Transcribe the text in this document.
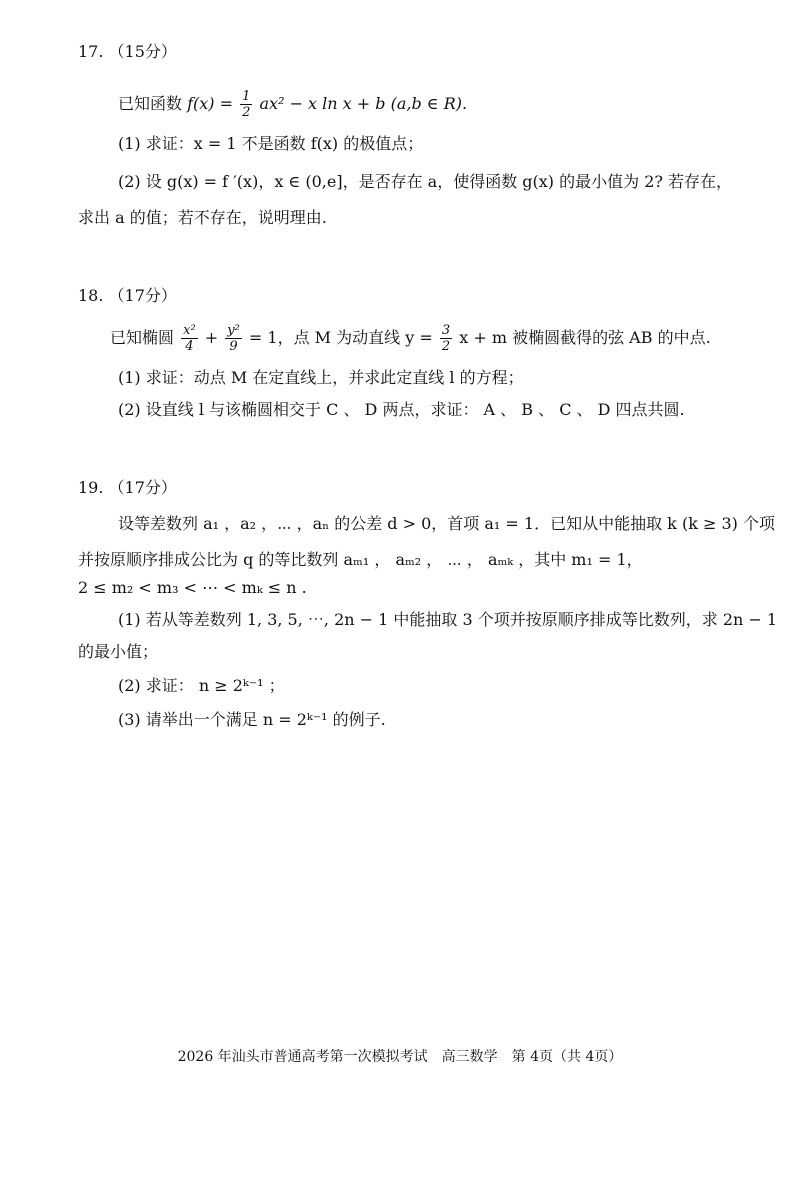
17. （15分）
已知函数 $f(x) = \frac{1}{2} ax^2 - x$ ln x + b (a,b ∈ R).
(1) 求证：x = 1 不是函数 f(x) 的极值点；
(2) 设 g(x) = f ′(x)，x ∈ (0,e]，是否存在 a，使得函数 g(x) 的最小值为 2? 若存在，
求出 a 的值；若不存在，说明理由.
18. （17分）
已知椭圆 $\frac{\text{x²}}{4} + \frac{\text{y²}}{9} = 1$，点 M 为动直线 $y = \frac{3}{2}$ x + m 被椭圆截得的弦 AB 的中点.
(1) 求证：动点 M 在定直线上，并求此定直线 l 的方程；
(2) 设直线 l 与该椭圆相交于 C 、 D 两点，求证： A 、 B 、 C 、 D 四点共圆.
19. （17分）
设等差数列 a₁ ，a₂ ，⋯ ，aₙ 的公差 d > 0，首项 a₁ = 1．已知从中能抽取 k (k ≥ 3) 个项
并按原顺序排成公比为 q 的等比数列 aₘ₁ ， aₘ₂ ， ⋯ ， aₘₖ ，其中 m₁ = 1，
2 ≤ m₂ < m₃ < ⋯ < mₖ ≤ n .
(1) 若从等差数列 1, 3, 5, ⋯, 2n − 1 中能抽取 3 个项并按原顺序排成等比数列，求 2n − 1
的最小值；
(2) 求证： n ≥ 2ᵏ⁻¹ ；
(3) 请举出一个满足 n = 2ᵏ⁻¹ 的例子.
2026 年汕头市普通高考第一次模拟考试　高三数学　第 4页（共 4页）
